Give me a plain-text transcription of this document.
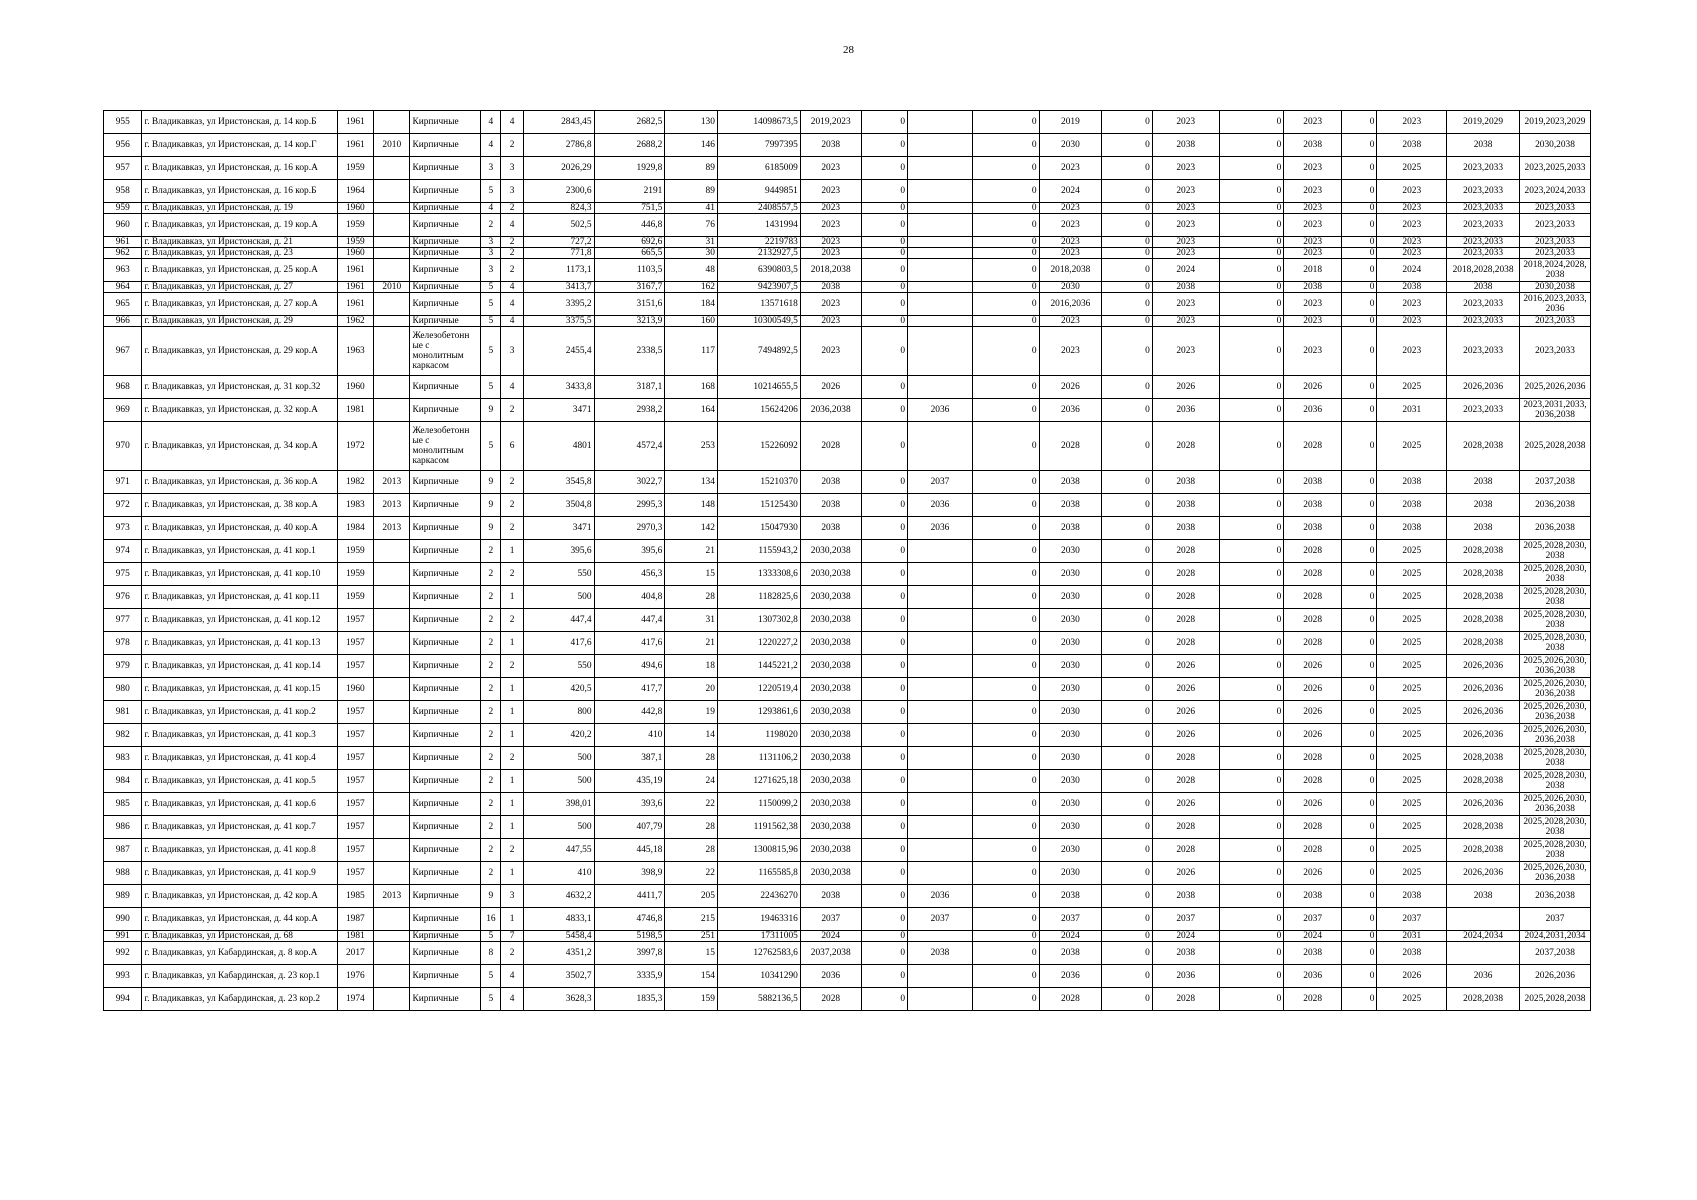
28
955	г. Владикавказ, ул Иристонская, д. 14 кор.Б	1961		Кирпичные	4	4	2843,45	2682,5	130	14098673,5	2019,2023	0		0	2019	0	2023	0	2023	0	2023	2019,2029	2019,2023,2029
956	г. Владикавказ, ул Иристонская, д. 14 кор.Г	1961	2010	Кирпичные	4	2	2786,8	2688,2	146	7997395	2038	0		0	2030	0	2038	0	2038	0	2038	2038	2030,2038
957	г. Владикавказ, ул Иристонская, д. 16 кор.А	1959		Кирпичные	3	3	2026,29	1929,8	89	6185009	2023	0		0	2023	0	2023	0	2023	0	2025	2023,2033	2023,2025,2033
958	г. Владикавказ, ул Иристонская, д. 16 кор.Б	1964		Кирпичные	5	3	2300,6	2191	89	9449851	2023	0		0	2024	0	2023	0	2023	0	2023	2023,2033	2023,2024,2033
959	г. Владикавказ, ул Иристонская, д. 19	1960		Кирпичные	4	2	824,3	751,5	41	2408557,5	2023	0		0	2023	0	2023	0	2023	0	2023	2023,2033	2023,2033
960	г. Владикавказ, ул Иристонская, д. 19 кор.А	1959		Кирпичные	2	4	502,5	446,8	76	1431994	2023	0		0	2023	0	2023	0	2023	0	2023	2023,2033	2023,2033
961	г. Владикавказ, ул Иристонская, д. 21	1959		Кирпичные	3	2	727,2	692,6	31	2219783	2023	0		0	2023	0	2023	0	2023	0	2023	2023,2033	2023,2033
962	г. Владикавказ, ул Иристонская, д. 23	1960		Кирпичные	3	2	771,8	665,5	30	2132927,5	2023	0		0	2023	0	2023	0	2023	0	2023	2023,2033	2023,2033
963	г. Владикавказ, ул Иристонская, д. 25 кор.А	1961		Кирпичные	3	2	1173,1	1103,5	48	6390803,5	2018,2038	0		0	2018,2038	0	2024	0	2018	0	2024	2018,2028,2038	2018,2024,2028, 2038
964	г. Владикавказ, ул Иристонская, д. 27	1961	2010	Кирпичные	5	4	3413,7	3167,7	162	9423907,5	2038	0		0	2030	0	2038	0	2038	0	2038	2038	2030,2038
965	г. Владикавказ, ул Иристонская, д. 27 кор.А	1961		Кирпичные	5	4	3395,2	3151,6	184	13571618	2023	0		0	2016,2036	0	2023	0	2023	0	2023	2023,2033	2016,2023,2033, 2036
966	г. Владикавказ, ул Иристонская, д. 29	1962		Кирпичные	5	4	3375,5	3213,9	160	10300549,5	2023	0		0	2023	0	2023	0	2023	0	2023	2023,2033	2023,2033
967	г. Владикавказ, ул Иристонская, д. 29 кор.А	1963		Железобетонн ые с монолитным каркасом	5	3	2455,4	2338,5	117	7494892,5	2023	0		0	2023	0	2023	0	2023	0	2023	2023,2033	2023,2033
968	г. Владикавказ, ул Иристонская, д. 31 кор.32	1960		Кирпичные	5	4	3433,8	3187,1	168	10214655,5	2026	0		0	2026	0	2026	0	2026	0	2025	2026,2036	2025,2026,2036
969	г. Владикавказ, ул Иристонская, д. 32 кор.А	1981		Кирпичные	9	2	3471	2938,2	164	15624206	2036,2038	0	2036	0	2036	0	2036	0	2036	0	2031	2023,2033	2023,2031,2033, 2036,2038
970	г. Владикавказ, ул Иристонская, д. 34 кор.А	1972		Железобетонн ые с монолитным каркасом	5	6	4801	4572,4	253	15226092	2028	0		0	2028	0	2028	0	2028	0	2025	2028,2038	2025,2028,2038
971	г. Владикавказ, ул Иристонская, д. 36 кор.А	1982	2013	Кирпичные	9	2	3545,8	3022,7	134	15210370	2038	0	2037	0	2038	0	2038	0	2038	0	2038	2038	2037,2038
972	г. Владикавказ, ул Иристонская, д. 38 кор.А	1983	2013	Кирпичные	9	2	3504,8	2995,3	148	15125430	2038	0	2036	0	2038	0	2038	0	2038	0	2038	2038	2036,2038
973	г. Владикавказ, ул Иристонская, д. 40 кор.А	1984	2013	Кирпичные	9	2	3471	2970,3	142	15047930	2038	0	2036	0	2038	0	2038	0	2038	0	2038	2038	2036,2038
974	г. Владикавказ, ул Иристонская, д. 41 кор.1	1959		Кирпичные	2	1	395,6	395,6	21	1155943,2	2030,2038	0		0	2030	0	2028	0	2028	0	2025	2028,2038	2025,2028,2030, 2038
975	г. Владикавказ, ул Иристонская, д. 41 кор.10	1959		Кирпичные	2	2	550	456,3	15	1333308,6	2030,2038	0		0	2030	0	2028	0	2028	0	2025	2028,2038	2025,2028,2030, 2038
976	г. Владикавказ, ул Иристонская, д. 41 кор.11	1959		Кирпичные	2	1	500	404,8	28	1182825,6	2030,2038	0		0	2030	0	2028	0	2028	0	2025	2028,2038	2025,2028,2030, 2038
977	г. Владикавказ, ул Иристонская, д. 41 кор.12	1957		Кирпичные	2	2	447,4	447,4	31	1307302,8	2030,2038	0		0	2030	0	2028	0	2028	0	2025	2028,2038	2025,2028,2030, 2038
978	г. Владикавказ, ул Иристонская, д. 41 кор.13	1957		Кирпичные	2	1	417,6	417,6	21	1220227,2	2030,2038	0		0	2030	0	2028	0	2028	0	2025	2028,2038	2025,2028,2030, 2038
979	г. Владикавказ, ул Иристонская, д. 41 кор.14	1957		Кирпичные	2	2	550	494,6	18	1445221,2	2030,2038	0		0	2030	0	2026	0	2026	0	2025	2026,2036	2025,2026,2030, 2036,2038
980	г. Владикавказ, ул Иристонская, д. 41 кор.15	1960		Кирпичные	2	1	420,5	417,7	20	1220519,4	2030,2038	0		0	2030	0	2026	0	2026	0	2025	2026,2036	2025,2026,2030, 2036,2038
981	г. Владикавказ, ул Иристонская, д. 41 кор.2	1957		Кирпичные	2	1	800	442,8	19	1293861,6	2030,2038	0		0	2030	0	2026	0	2026	0	2025	2026,2036	2025,2026,2030, 2036,2038
982	г. Владикавказ, ул Иристонская, д. 41 кор.3	1957		Кирпичные	2	1	420,2	410	14	1198020	2030,2038	0		0	2030	0	2026	0	2026	0	2025	2026,2036	2025,2026,2030, 2036,2038
983	г. Владикавказ, ул Иристонская, д. 41 кор.4	1957		Кирпичные	2	2	500	387,1	28	1131106,2	2030,2038	0		0	2030	0	2028	0	2028	0	2025	2028,2038	2025,2028,2030, 2038
984	г. Владикавказ, ул Иристонская, д. 41 кор.5	1957		Кирпичные	2	1	500	435,19	24	1271625,18	2030,2038	0		0	2030	0	2028	0	2028	0	2025	2028,2038	2025,2028,2030, 2038
985	г. Владикавказ, ул Иристонская, д. 41 кор.6	1957		Кирпичные	2	1	398,01	393,6	22	1150099,2	2030,2038	0		0	2030	0	2026	0	2026	0	2025	2026,2036	2025,2026,2030, 2036,2038
986	г. Владикавказ, ул Иристонская, д. 41 кор.7	1957		Кирпичные	2	1	500	407,79	28	1191562,38	2030,2038	0		0	2030	0	2028	0	2028	0	2025	2028,2038	2025,2028,2030, 2038
987	г. Владикавказ, ул Иристонская, д. 41 кор.8	1957		Кирпичные	2	2	447,55	445,18	28	1300815,96	2030,2038	0		0	2030	0	2028	0	2028	0	2025	2028,2038	2025,2028,2030, 2038
988	г. Владикавказ, ул Иристонская, д. 41 кор.9	1957		Кирпичные	2	1	410	398,9	22	1165585,8	2030,2038	0		0	2030	0	2026	0	2026	0	2025	2026,2036	2025,2026,2030, 2036,2038
989	г. Владикавказ, ул Иристонская, д. 42 кор.А	1985	2013	Кирпичные	9	3	4632,2	4411,7	205	22436270	2038	0	2036	0	2038	0	2038	0	2038	0	2038	2038	2036,2038
990	г. Владикавказ, ул Иристонская, д. 44 кор.А	1987		Кирпичные	16	1	4833,1	4746,8	215	19463316	2037	0	2037	0	2037	0	2037	0	2037	0	2037		2037
991	г. Владикавказ, ул Иристонская, д. 68	1981		Кирпичные	5	7	5458,4	5198,5	251	17311005	2024	0		0	2024	0	2024	0	2024	0	2031	2024,2034	2024,2031,2034
992	г. Владикавказ, ул Кабардинская, д. 8 кор.А	2017		Кирпичные	8	2	4351,2	3997,8	15	12762583,6	2037,2038	0	2038	0	2038	0	2038	0	2038	0	2038		2037,2038
993	г. Владикавказ, ул Кабардинская, д. 23 кор.1	1976		Кирпичные	5	4	3502,7	3335,9	154	10341290	2036	0		0	2036	0	2036	0	2036	0	2026	2036	2026,2036
994	г. Владикавказ, ул Кабардинская, д. 23 кор.2	1974		Кирпичные	5	4	3628,3	1835,3	159	5882136,5	2028	0		0	2028	0	2028	0	2028	0	2025	2028,2038	2025,2028,2038
